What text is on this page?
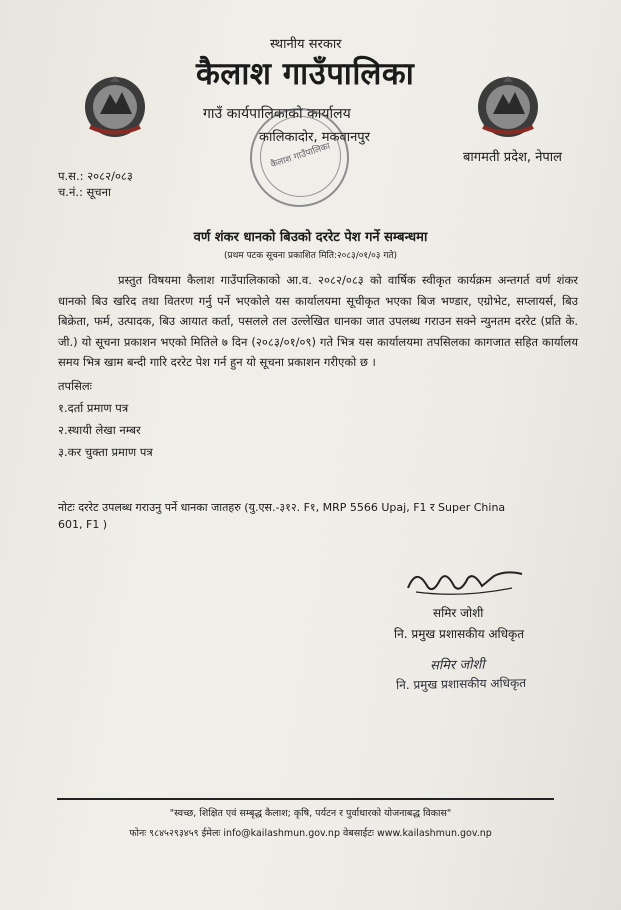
स्थानीय सरकार
कैलाश गाउँपालिका
गाउँ कार्यपालिकाको कार्यालय
कालिकादोर, मकवानपुर
बागमती प्रदेश, नेपाल
कैलाश गाउँपालिका
प.स.: २०८२/०८३
च.नं.: सूचना
वर्ण शंकर धानको बिउको दररेट पेश गर्ने सम्बन्धमा
(प्रथम पटक सूचना प्रकाशित मिति:२०८३/०१/०३ गते)

प्रस्तुत विषयमा कैलाश गाउँपालिकाको आ.व. २०८२/०८३ को वार्षिक स्वीकृत कार्यक्रम अन्तगर्त वर्ण शंकर धानको बिउ खरिद तथा वितरण गर्नु पर्ने भएकोले यस कार्यालयमा सूचीकृत भएका बिज भण्डार, एग्रोभेट, सप्लायर्स, बिउ बिक्रेता, फर्म, उत्पादक, बिउ आयात कर्ता, पसलले तल उल्लेखित धानका जात उपलब्ध गराउन सक्ने न्युनतम दररेट (प्रति के. जी.) यो सूचना प्रकाशन भएको मितिले ७ दिन (२०८३/०१/०९) गते भित्र यस कार्यालयमा तपसिलका कागजात सहित कार्यालय समय भित्र खाम बन्दी गारि दररेट पेश गर्न हुन यो सूचना प्रकाशन गरीएको छ ।

तपसिलः
१.दर्ता प्रमाण पत्र
२.स्थायी लेखा नम्बर
३.कर चुक्ता प्रमाण पत्र
नोटः दररेट उपलब्ध गराउनु पर्ने धानका जातहरु (यु.एस.-३१२. F१, MRP 5566 Upaj, F1 र Super China
601, F1 )
समिर जोशी
नि. प्रमुख प्रशासकीय अधिकृत
समिर जोशी
नि. प्रमुख प्रशासकीय अधिकृत
"स्वच्छ, शिक्षित एवं सम्बृद्ध कैलाश; कृषि, पर्यटन र पुर्वाधारको योजनाबद्ध विकास"
फोनः ९८४५२९३४५९ ईमेलः info@kailashmun.gov.np वेबसाईटः www.kailashmun.gov.np
